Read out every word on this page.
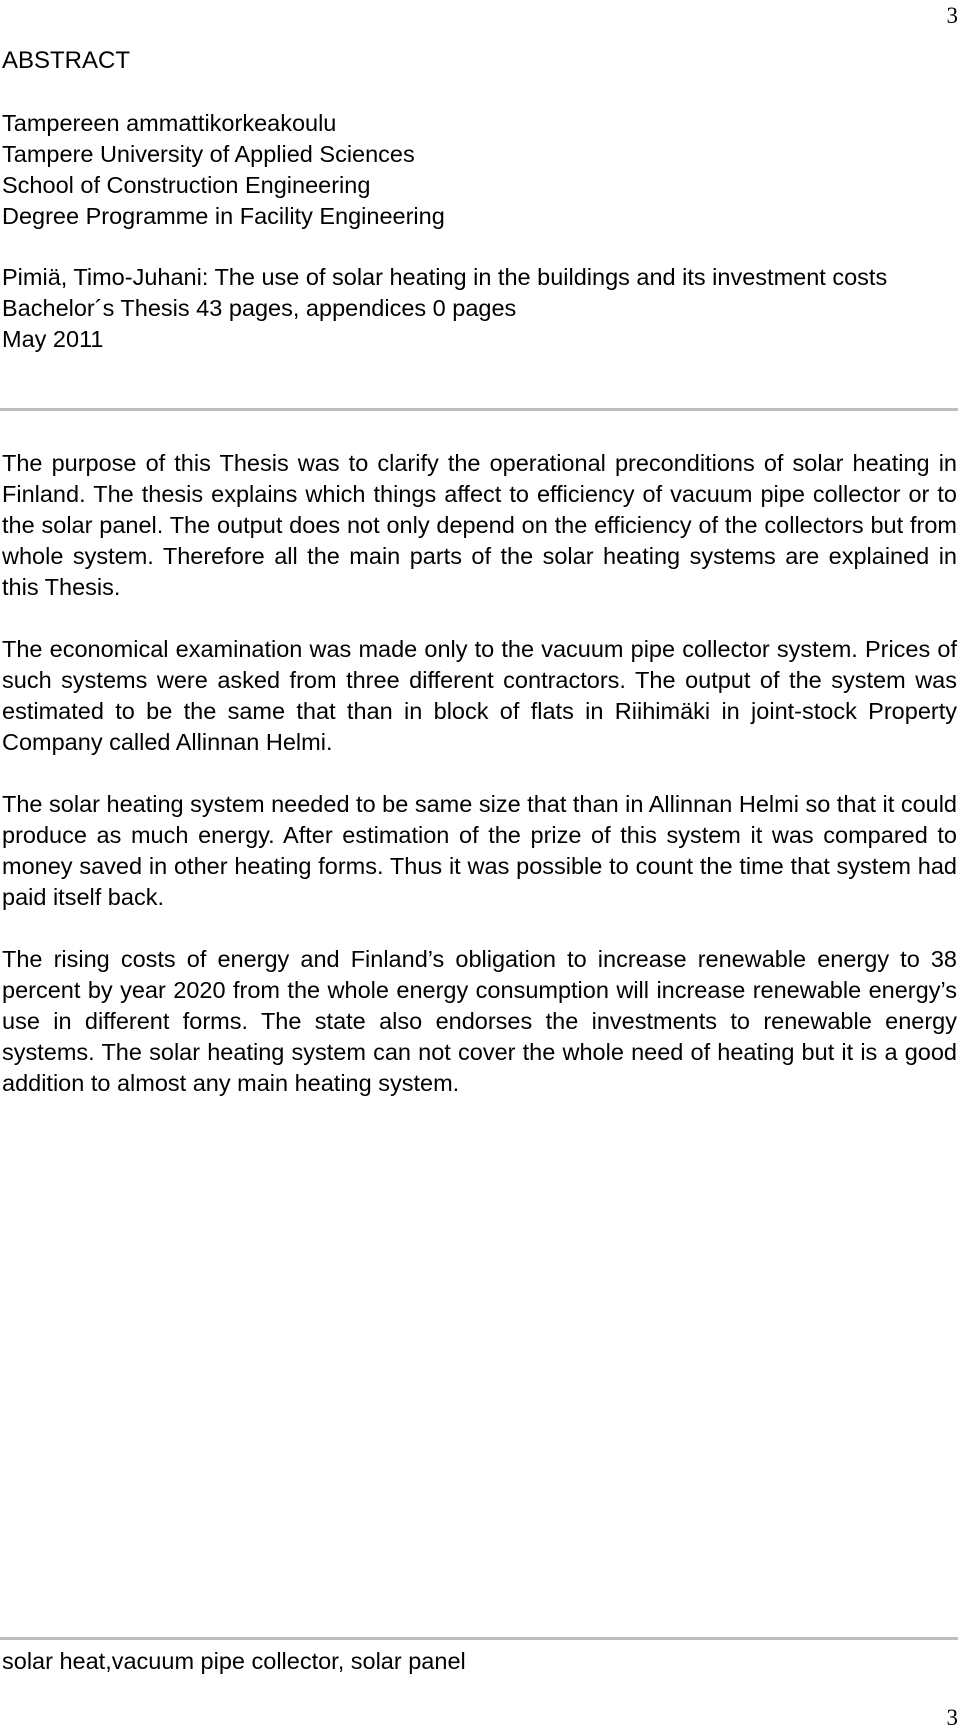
3
ABSTRACT
Tampereen ammattikorkeakoulu
Tampere University of Applied Sciences
School of Construction Engineering
Degree Programme in Facility Engineering
Pimiä, Timo-Juhani: The use of solar heating in the buildings and its investment costs
Bachelor´s Thesis 43 pages, appendices 0 pages
May 2011

The purpose of this Thesis was to clarify the operational preconditions of solar heating in Finland. The thesis explains which things affect to efficiency of vacuum pipe collector or to the solar panel. The output does not only depend on the efficiency of the collectors but from whole system. Therefore all the main parts of the solar heating systems are explained in this Thesis.

The economical examination was made only to the vacuum pipe collector system. Prices of such systems were asked from three different contractors. The output of the system was estimated to be the same that than in block of flats in Riihimäki in joint-stock Property Company called Allinnan Helmi.

The solar heating system needed to be same size that than in Allinnan Helmi so that it could produce as much energy. After estimation of the prize of this system it was compared to money saved in other heating forms. Thus it was possible to count the time that system had paid itself back.

The rising costs of energy and Finland’s obligation to increase renewable energy to 38 percent by year 2020 from the whole energy consumption will increase renewable energy’s use in different forms. The state also endorses the investments to renewable energy systems. The solar heating system can not cover the whole need of heating but it is a good addition to almost any main heating system.

solar heat,vacuum pipe collector, solar panel
3
